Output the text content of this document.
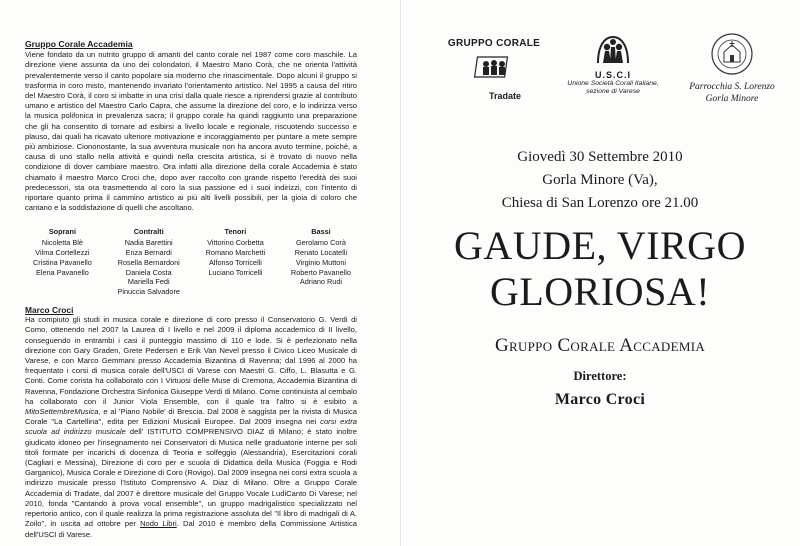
Gruppo Corale Accademia

Viene fondato da un nutrito gruppo di amanti del canto corale nel 1987 come coro maschile. La direzione viene assunta da uno dei colondatori, il Maestro Mario Corà, che ne orienta l'attività prevalentemente verso il canto popolare sia moderno che rinascimentale. Dopo alcuni il gruppo si trasforma in coro misto, mantenendo invariato l'orientamento artistico. Nel 1995 a causa del ritiro del Maestro Corà, il coro si imbatte in una crisi dalla quale riesce a riprendersi grazie al contributo umano e artistico del Maestro Carlo Capra, che assume la direzione del coro, e lo indirizza verso la musica polifonica in prevalenza sacra; il gruppo corale ha quindi raggiunto una preparazione che gli ha consentito di tornare ad esibirsi a livello locale e regionale, riscuotendo successo e plauso, dai quali ha ricavato ulteriore motivazione e incoraggiamento per puntare a mete sempre più ambiziose. Ciononostante, la sua avventura musicale non ha ancora avuto termine, poiché, a causa di uno stallo nella attività e quindi nella crescita artistica, si è trovato di nuovo nella condizione di dover cambiare maestro. Ora infatti alla direzione della corale Accademia è stato chiamato il maestro Marco Croci che, dopo aver raccolto con grande rispetto l'eredità dei suoi predecessori, sta ora trasmettendo al coro la sua passione ed i suoi indirizzi, con l'intento di riportare quanto prima il cammino artistico ai più alti livelli possibili, per la gioia di coloro che cantano e la soddisfazione di quelli che ascoltano.

Soprani
Nicoletta Blè
Vilma Cortellezzi
Cristina Pavanello
Elena Pavanello
Contralti
Nadia Barettini
Enza Bernardi
Rosella Bernardoni
Daniela Costa
Mariella Fedi
Pinuccia Salvadore
Tenori
Vittorino Corbetta
Romano Marchetti
Alfonso Torricelli
Luciano Torricelli
Bassi
Gerolamo Corà
Renato Locatelli
Virginio Muttoni
Roberto Pavanello
Adriano Rudi
Marco Croci

Ha compiuto gli studi in musica corale e direzione di coro presso il Conservatorio G. Verdi di Como, ottenendo nel 2007 la Laurea di I livello e nel 2009 il diploma accademico di II livello, conseguendo in entrambi i casi il punteggio massimo di 110 e lode. Si è perfezionato nella direzione con Gary Graden, Grete Pedersen e Erik Van Nevel presso il Civico Liceo Musicale di Varese, e con Marco Gemmani presso Accademia Bizantina di Ravenna; dal 1996 al 2000 ha frequentato i corsi di musica corale dell'USCI di Varese con Maestri G. Ciffo, L. Blasutta e G. Conti. Come corista ha collaborato con I Virtuosi delle Muse di Cremona, Accademia Bizantina di Ravenna, Fondazione Orchestra Sinfonica Giuseppe Verdi di Milano. Come continuista al cembalo ha collaborato con il Junior Viola Ensemble, con il quale tra l'altro si è esibito a MitoSettembreMusica, e al 'Piano Nobile' di Brescia. Dal 2008 è saggista per la rivista di Musica Corale "La Cartellina", edita per Edizioni Musicali Europee. Dal 2009 insegna nei corsi extra scuola ad indirizzo musicale dell' ISTITUTO COMPRENSIVO DIAZ di Milano; è stato inoltre giudicato idoneo per l'insegnamento nei Conservatori di Musica nelle graduatorie interne per soli titoli formate per incarichi di docenza di Teoria e solfeggio (Alessandria), Esercitazioni corali (Cagliari e Messina), Direzione di coro per e scuola di Didattica della Musica (Foggia e Rodi Garganico), Musica Corale e Direzione di Coro (Rovigo). Dal 2009 insegna nei corsi extra scuola a indirizzo musicale presso l'Istituto Comprensivo A. Diaz di Milano. Oltre a Gruppo Corale Accademia di Tradate, dal 2007 è direttore musicale del Gruppo Vocale LudiCanto Di Varese; nel 2010, fonda "Cantando à prova vocal ensemble", un gruppo madrigalistico specializzato nel repertorio antico, con il quale realizza la prima registrazione assoluta del "Il libro di madrigali di A. Zoilo", in uscita ad ottobre per Nodo Libri. Dal 2010 è membro della Commissione Artistica dell'USCI di Varese.

GRUPPO CORALE
Tradate
U.S.C.I
Unione Società Corali Italiane,
sezione di Varese	Parrocchia S. Lorenzo
Gorla Minore
Giovedì 30 Settembre 2010
Gorla Minore (Va),
Chiesa di San Lorenzo ore 21.00
GAUDE, VIRGO
GLORIOSA!
Gruppo Corale Accademia
Direttore:
Marco Croci
